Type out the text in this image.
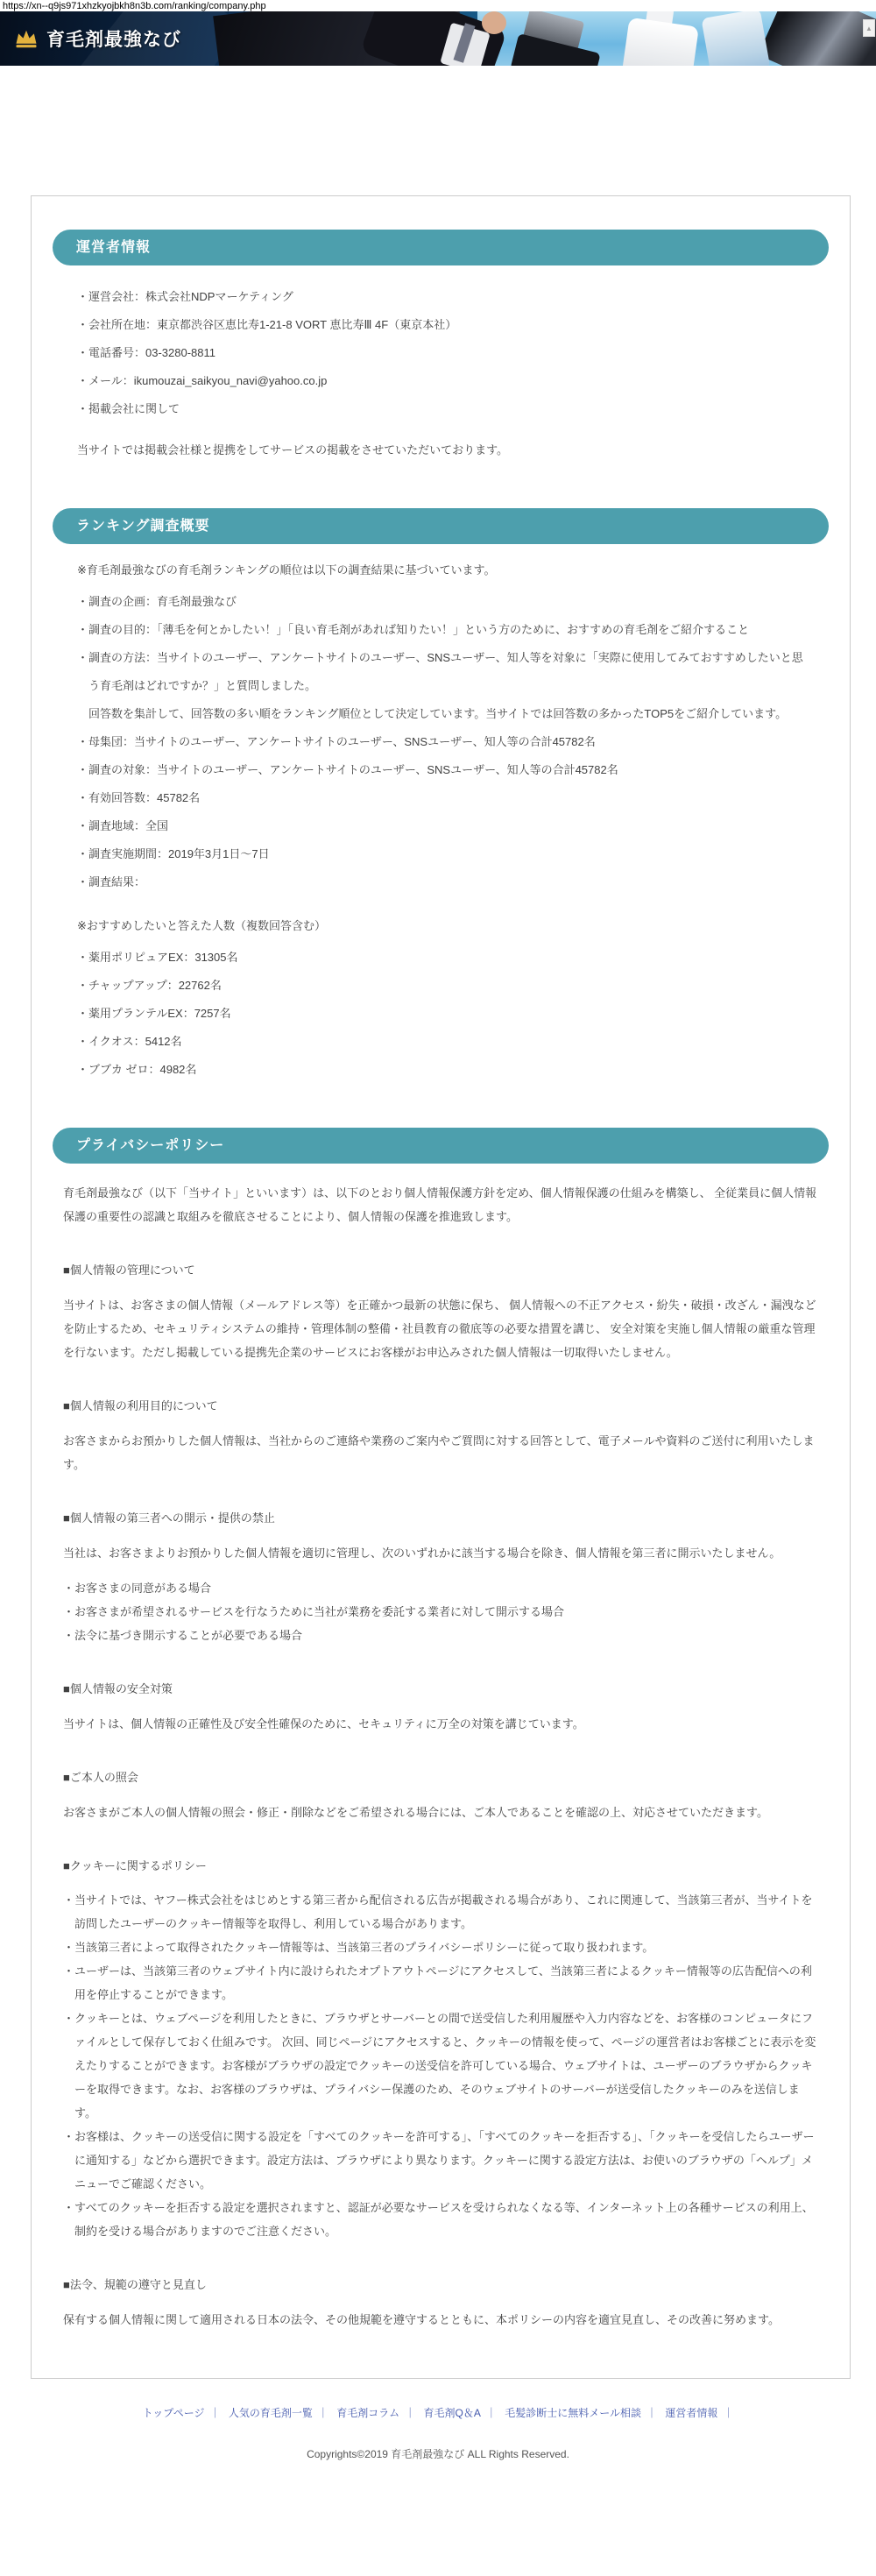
https://xn--q9js971xhzkyojbkh8n3b.com/ranking/company.php
育毛剤最強なび
▲
運営者情報
・運営会社：株式会社NDPマーケティング
・会社所在地：東京都渋谷区恵比寿1-21-8 VORT 恵比寿Ⅲ 4F（東京本社）
・電話番号：03-3280-8811
・メール：ikumouzai_saikyou_navi@yahoo.co.jp
・掲載会社に関して

当サイトでは掲載会社様と提携をしてサービスの掲載をさせていただいております。

ランキング調査概要

※育毛剤最強なびの育毛剤ランキングの順位は以下の調査結果に基づいています。

・調査の企画：育毛剤最強なび
・調査の目的：「薄毛を何とかしたい！」「良い育毛剤があれば知りたい！」という方のために、おすすめの育毛剤をご紹介すること
・調査の方法：当サイトのユーザー、アンケートサイトのユーザー、SNSユーザー、知人等を対象に「実際に使用してみておすすめしたいと思う育毛剤はどれですか？」と質問しました。
回答数を集計して、回答数の多い順をランキング順位として決定しています。当サイトでは回答数の多かったTOP5をご紹介しています。
・母集団：当サイトのユーザー、アンケートサイトのユーザー、SNSユーザー、知人等の合計45782名
・調査の対象：当サイトのユーザー、アンケートサイトのユーザー、SNSユーザー、知人等の合計45782名
・有効回答数：45782名
・調査地域：全国
・調査実施期間：2019年3月1日～7日
・調査結果：

※おすすめしたいと答えた人数（複数回答含む）

・薬用ポリピュアEX：31305名
・チャップアップ：22762名
・薬用プランテルEX：7257名
・イクオス：5412名
・ブブカ ゼロ：4982名
プライバシーポリシー

育毛剤最強なび（以下「当サイト」といいます）は、以下のとおり個人情報保護方針を定め、個人情報保護の仕組みを構築し、 全従業員に個人情報保護の重要性の認識と取組みを徹底させることにより、個人情報の保護を推進致します。

■個人情報の管理について

当サイトは、お客さまの個人情報（メールアドレス等）を正確かつ最新の状態に保ち、 個人情報への不正アクセス・紛失・破損・改ざん・漏洩などを防止するため、セキュリティシステムの維持・管理体制の整備・社員教育の徹底等の必要な措置を講じ、 安全対策を実施し個人情報の厳重な管理を行ないます。ただし掲載している提携先企業のサービスにお客様がお申込みされた個人情報は一切取得いたしません。

■個人情報の利用目的について

お客さまからお預かりした個人情報は、当社からのご連絡や業務のご案内やご質問に対する回答として、電子メールや資料のご送付に利用いたします。

■個人情報の第三者への開示・提供の禁止

当社は、お客さまよりお預かりした個人情報を適切に管理し、次のいずれかに該当する場合を除き、個人情報を第三者に開示いたしません。

・お客さまの同意がある場合
・お客さまが希望されるサービスを行なうために当社が業務を委託する業者に対して開示する場合
・法令に基づき開示することが必要である場合
■個人情報の安全対策

当サイトは、個人情報の正確性及び安全性確保のために、セキュリティに万全の対策を講じています。

■ご本人の照会

お客さまがご本人の個人情報の照会・修正・削除などをご希望される場合には、ご本人であることを確認の上、対応させていただきます。

■クッキーに関するポリシー
・当サイトでは、ヤフー株式会社をはじめとする第三者から配信される広告が掲載される場合があり、これに関連して、当該第三者が、当サイトを訪問したユーザーのクッキー情報等を取得し、利用している場合があります。
・当該第三者によって取得されたクッキー情報等は、当該第三者のプライバシーポリシーに従って取り扱われます。
・ユーザーは、当該第三者のウェブサイト内に設けられたオプトアウトページにアクセスして、当該第三者によるクッキー情報等の広告配信への利用を停止することができます。
・クッキーとは、ウェブページを利用したときに、ブラウザとサーバーとの間で送受信した利用履歴や入力内容などを、お客様のコンピュータにファイルとして保存しておく仕組みです。 次回、同じページにアクセスすると、クッキーの情報を使って、ページの運営者はお客様ごとに表示を変えたりすることができます。お客様がブラウザの設定でクッキーの送受信を許可している場合、ウェブサイトは、ユーザーのブラウザからクッキーを取得できます。なお、お客様のブラウザは、プライバシー保護のため、そのウェブサイトのサーバーが送受信したクッキーのみを送信します。
・お客様は、クッキーの送受信に関する設定を「すべてのクッキーを許可する」、「すべてのクッキーを拒否する」、「クッキーを受信したらユーザーに通知する」などから選択できます。設定方法は、ブラウザにより異なります。クッキーに関する設定方法は、お使いのブラウザの「ヘルプ」メニューでご確認ください。
・すべてのクッキーを拒否する設定を選択されますと、認証が必要なサービスを受けられなくなる等、インターネット上の各種サービスの利用上、制約を受ける場合がありますのでご注意ください。
■法令、規範の遵守と見直し

保有する個人情報に関して適用される日本の法令、その他規範を遵守するとともに、本ポリシーの内容を適宜見直し、その改善に努めます。

トップページ ｜ 人気の育毛剤一覧 ｜ 育毛剤コラム ｜ 育毛剤Q＆A ｜ 毛髪診断士に無料メール相談 ｜ 運営者情報 ｜
Copyrights©2019 育毛剤最強なび ALL Rights Reserved.
